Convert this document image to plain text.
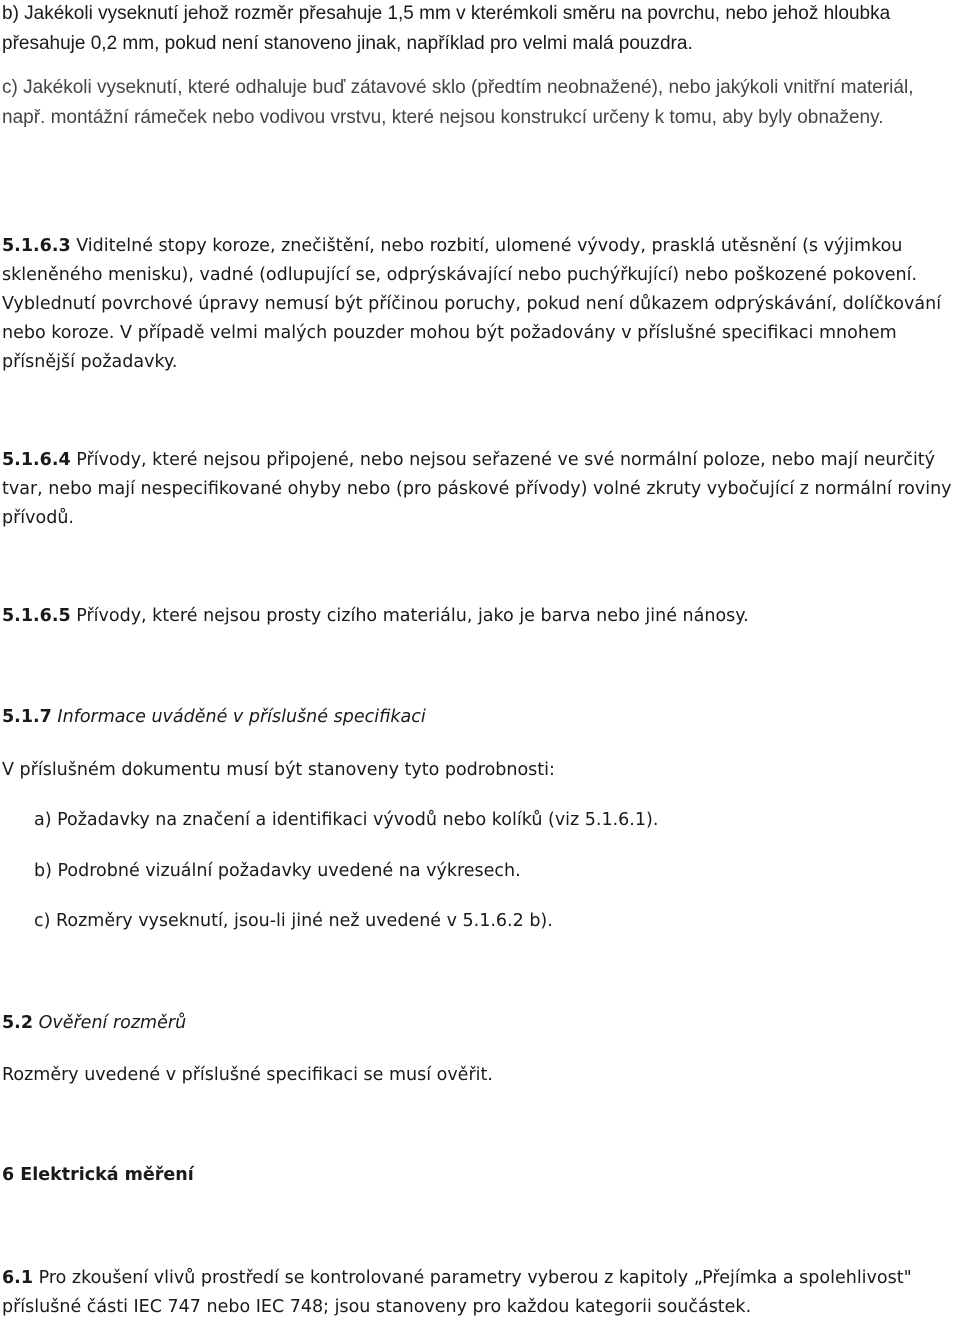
b) Jakékoli vyseknutí jehož rozměr přesahuje 1,5 mm v kterémkoli směru na povrchu, nebo jehož hloubka přesahuje 0,2 mm, pokud není stanoveno jinak, například pro velmi malá pouzdra.
c) Jakékoli vyseknutí, které odhaluje buď zátavové sklo (předtím neobnažené), nebo jakýkoli vnitřní materiál, např. montážní rámeček nebo vodivou vrstvu, které nejsou konstrukcí určeny k tomu, aby byly obnaženy.
5.1.6.3 Viditelné stopy koroze, znečištění, nebo rozbití, ulomené vývody, prasklá utěsnění (s výjimkou skleněného menisku), vadné (odlupující se, odprýskávající nebo puchýřkující) nebo poškozené pokovení. Vyblednutí povrchové úpravy nemusí být příčinou poruchy, pokud není důkazem odprýskávání, dolíčkování nebo koroze. V případě velmi malých pouzder mohou být požadovány v příslušné specifikaci mnohem přísnější požadavky.
5.1.6.4 Přívody, které nejsou připojené, nebo nejsou seřazené ve své normální poloze, nebo mají neurčitý tvar, nebo mají nespecifikované ohyby nebo (pro páskové přívody) volné zkruty vybočující z normální roviny přívodů.
5.1.6.5 Přívody, které nejsou prosty cizího materiálu, jako je barva nebo jiné nánosy.
5.1.7 Informace uváděné v příslušné specifikaci
V příslušném dokumentu musí být stanoveny tyto podrobnosti:
a) Požadavky na značení a identifikaci vývodů nebo kolíků (viz 5.1.6.1).
b) Podrobné vizuální požadavky uvedené na výkresech.
c) Rozměry vyseknutí, jsou-li jiné než uvedené v 5.1.6.2 b).
5.2 Ověření rozměrů
Rozměry uvedené v příslušné specifikaci se musí ověřit.
6 Elektrická měření
6.1 Pro zkoušení vlivů prostředí se kontrolované parametry vyberou z kapitoly „Přejímka a spolehlivost" příslušné části IEC 747 nebo IEC 748; jsou stanoveny pro každou kategorii součástek.
